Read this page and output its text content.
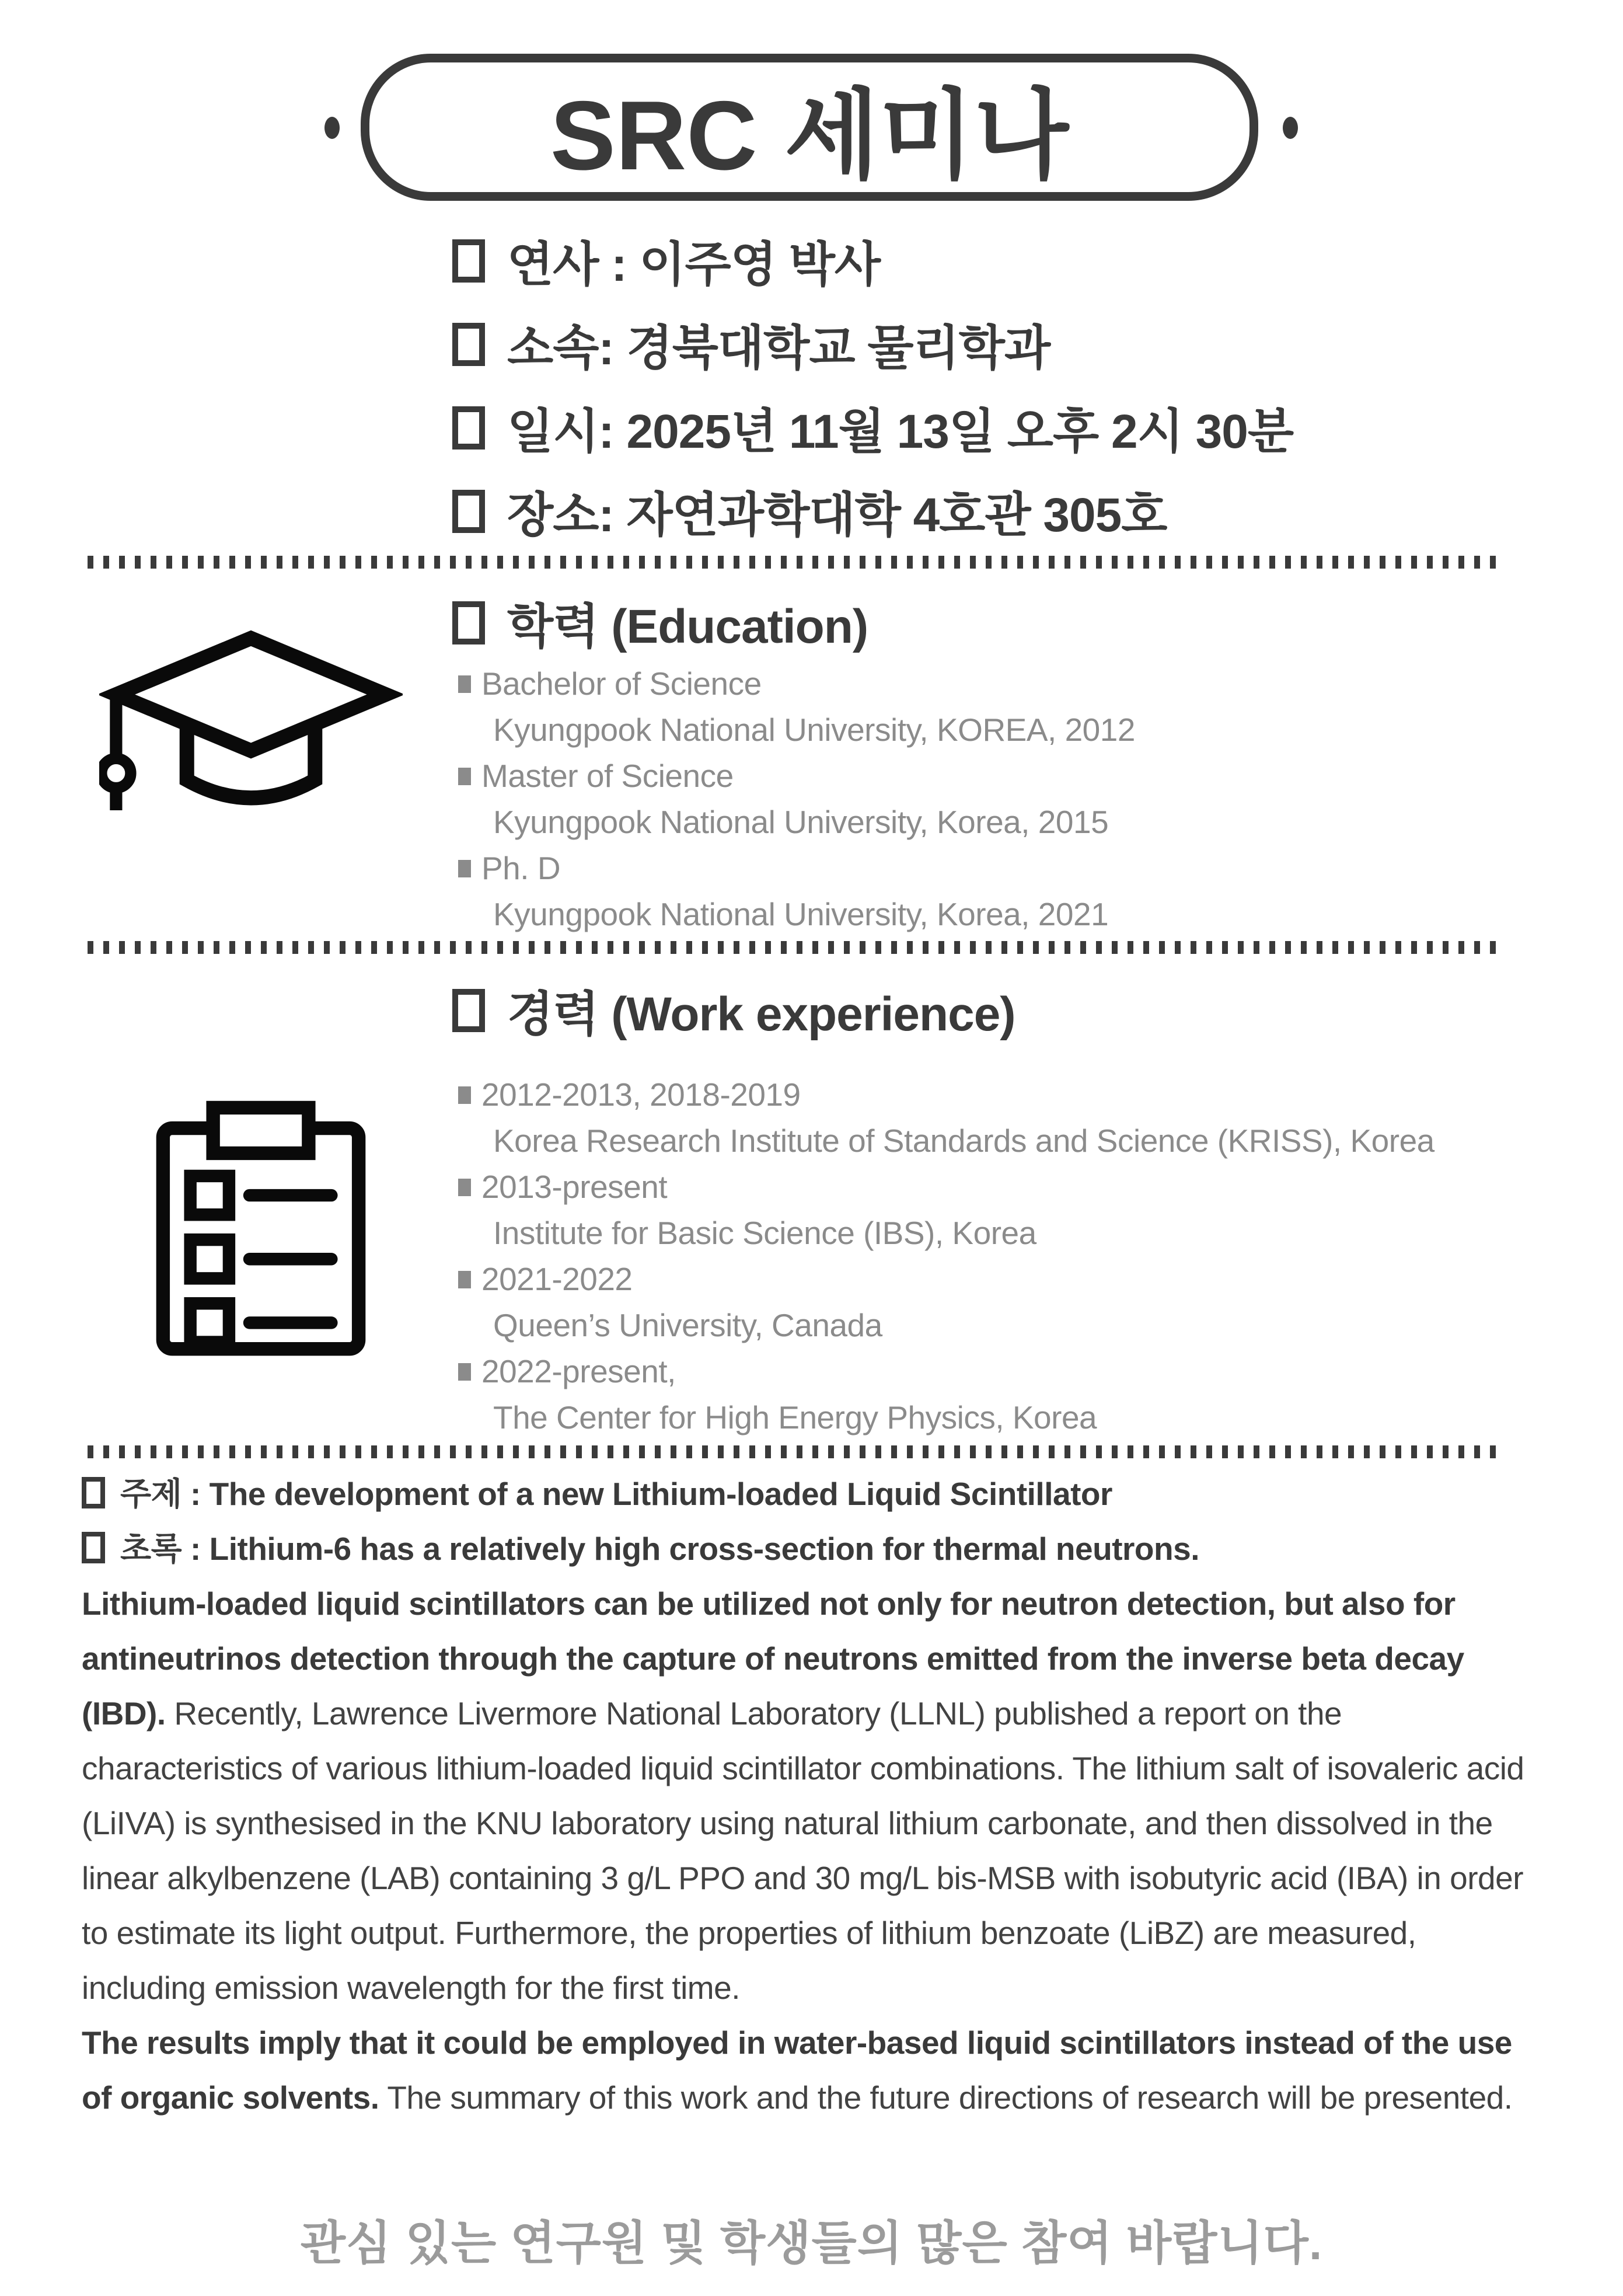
SRC 세미나
연사 : 이주영 박사
소속: 경북대학교 물리학과
일시: 2025년 11월 13일 오후 2시 30분
장소: 자연과학대학 4호관 305호
학력 (Education)
Bachelor of Science
Kyungpook National University, KOREA, 2012
Master of Science
Kyungpook National University, Korea, 2015
Ph. D
Kyungpook National University, Korea, 2021
경력 (Work experience)
2012-2013, 2018-2019
Korea Research Institute of Standards and Science (KRISS), Korea
2013-present
Institute for Basic Science (IBS), Korea
2021-2022
Queen’s University, Canada
2022-present,
The Center for High Energy Physics, Korea

주제 : The development of a new Lithium-loaded Liquid Scintillator

초록 : Lithium-6 has a relatively high cross-section for thermal neutrons.

Lithium-loaded liquid scintillators can be utilized not only for neutron detection, but also for antineutrinos detection through the capture of neutrons emitted from the inverse beta decay (IBD). Recently, Lawrence Livermore National Laboratory (LLNL) published a report on the characteristics of various lithium-loaded liquid scintillator combinations. The lithium salt of isovaleric acid (LiIVA) is synthesised in the KNU laboratory using natural lithium carbonate, and then dissolved in the linear alkylbenzene (LAB) containing 3 g/L PPO and 30 mg/L bis-MSB with isobutyric acid (IBA) in order to estimate its light output. Furthermore, the properties of lithium benzoate (LiBZ) are measured, including emission wavelength for the first time.

The results imply that it could be employed in water-based liquid scintillators instead of the use of organic solvents. The summary of this work and the future directions of research will be presented.

관심 있는 연구원 및 학생들의 많은 참여 바랍니다.
